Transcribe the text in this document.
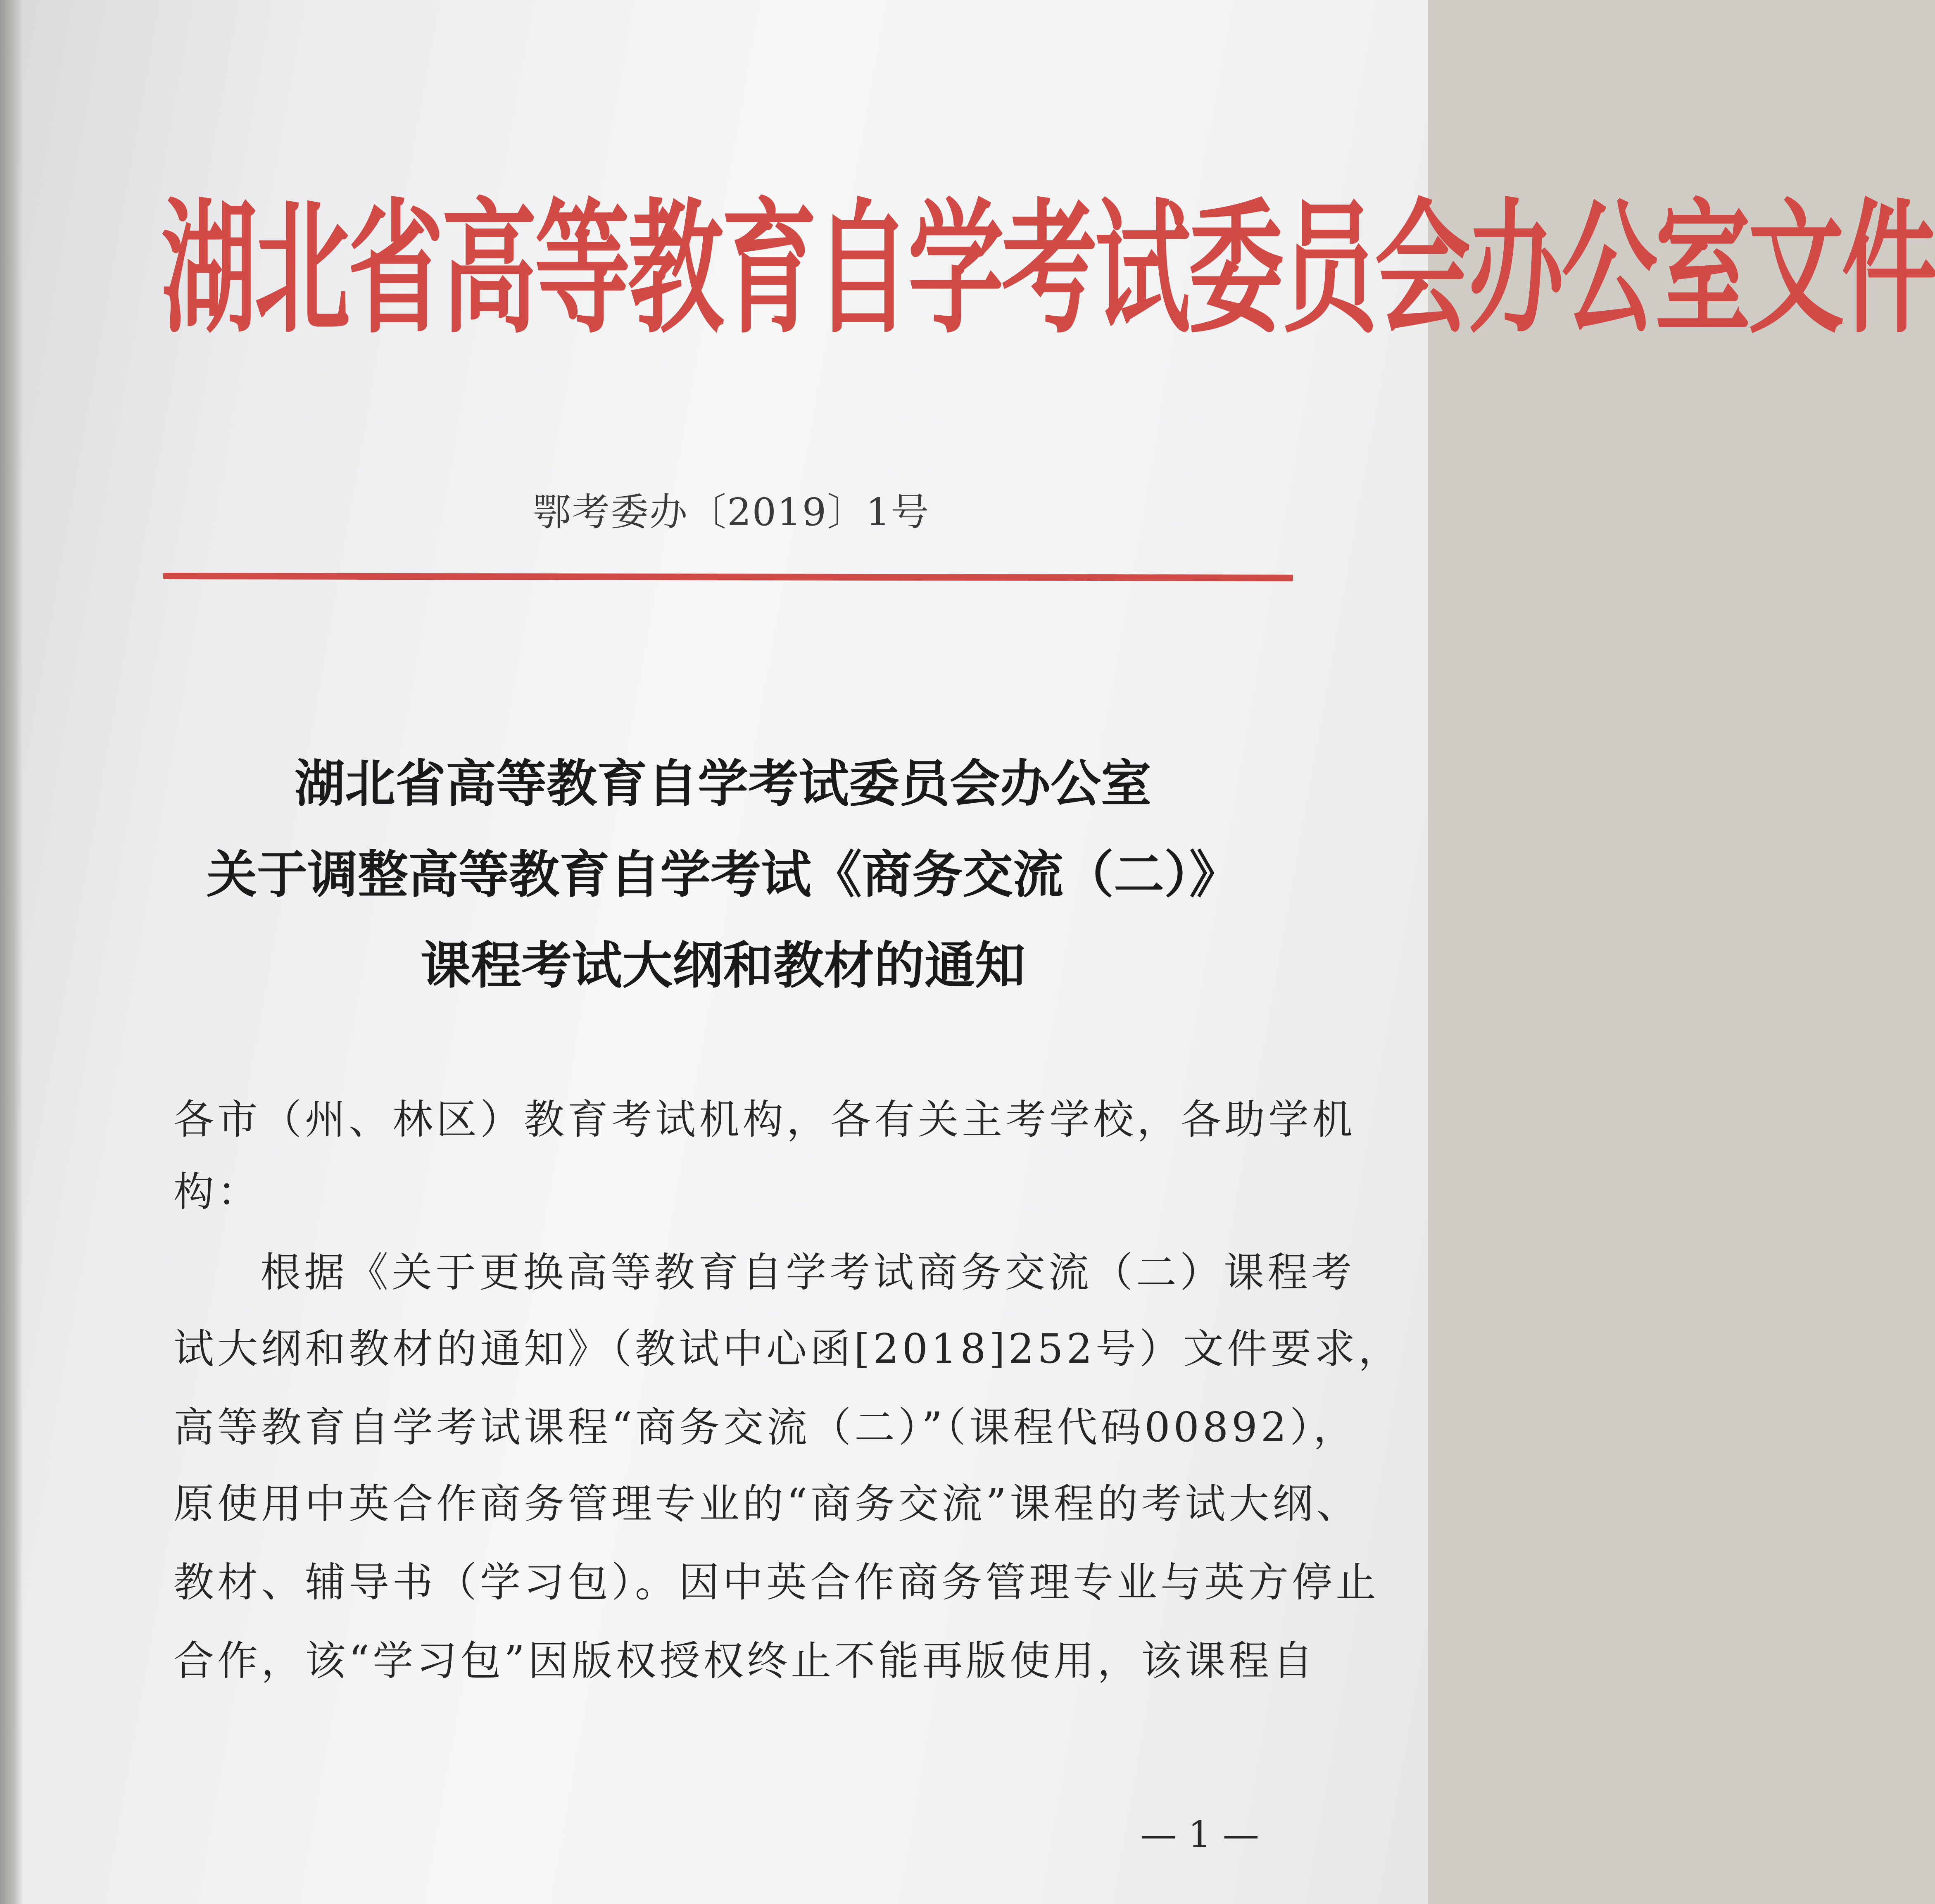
湖北省高等教育自学考试委员会办公室文件
鄂考委办〔2019〕1号
湖北省高等教育自学考试委员会办公室
关于调整高等教育自学考试《商务交流（二）》
课程考试大纲和教材的通知
各市（州、林区）教育考试机构，各有关主考学校，各助学机
构：
根据《关于更换高等教育自学考试商务交流（二）课程考
试大纲和教材的通知》（教试中心函[2018]252号）文件要求，
高等教育自学考试课程“商务交流（二）”（课程代码00892），
原使用中英合作商务管理专业的“商务交流”课程的考试大纲、
教材、辅导书（学习包）。因中英合作商务管理专业与英方停止
合作，该“学习包”因版权授权终止不能再版使用，该课程自
— 1 —
